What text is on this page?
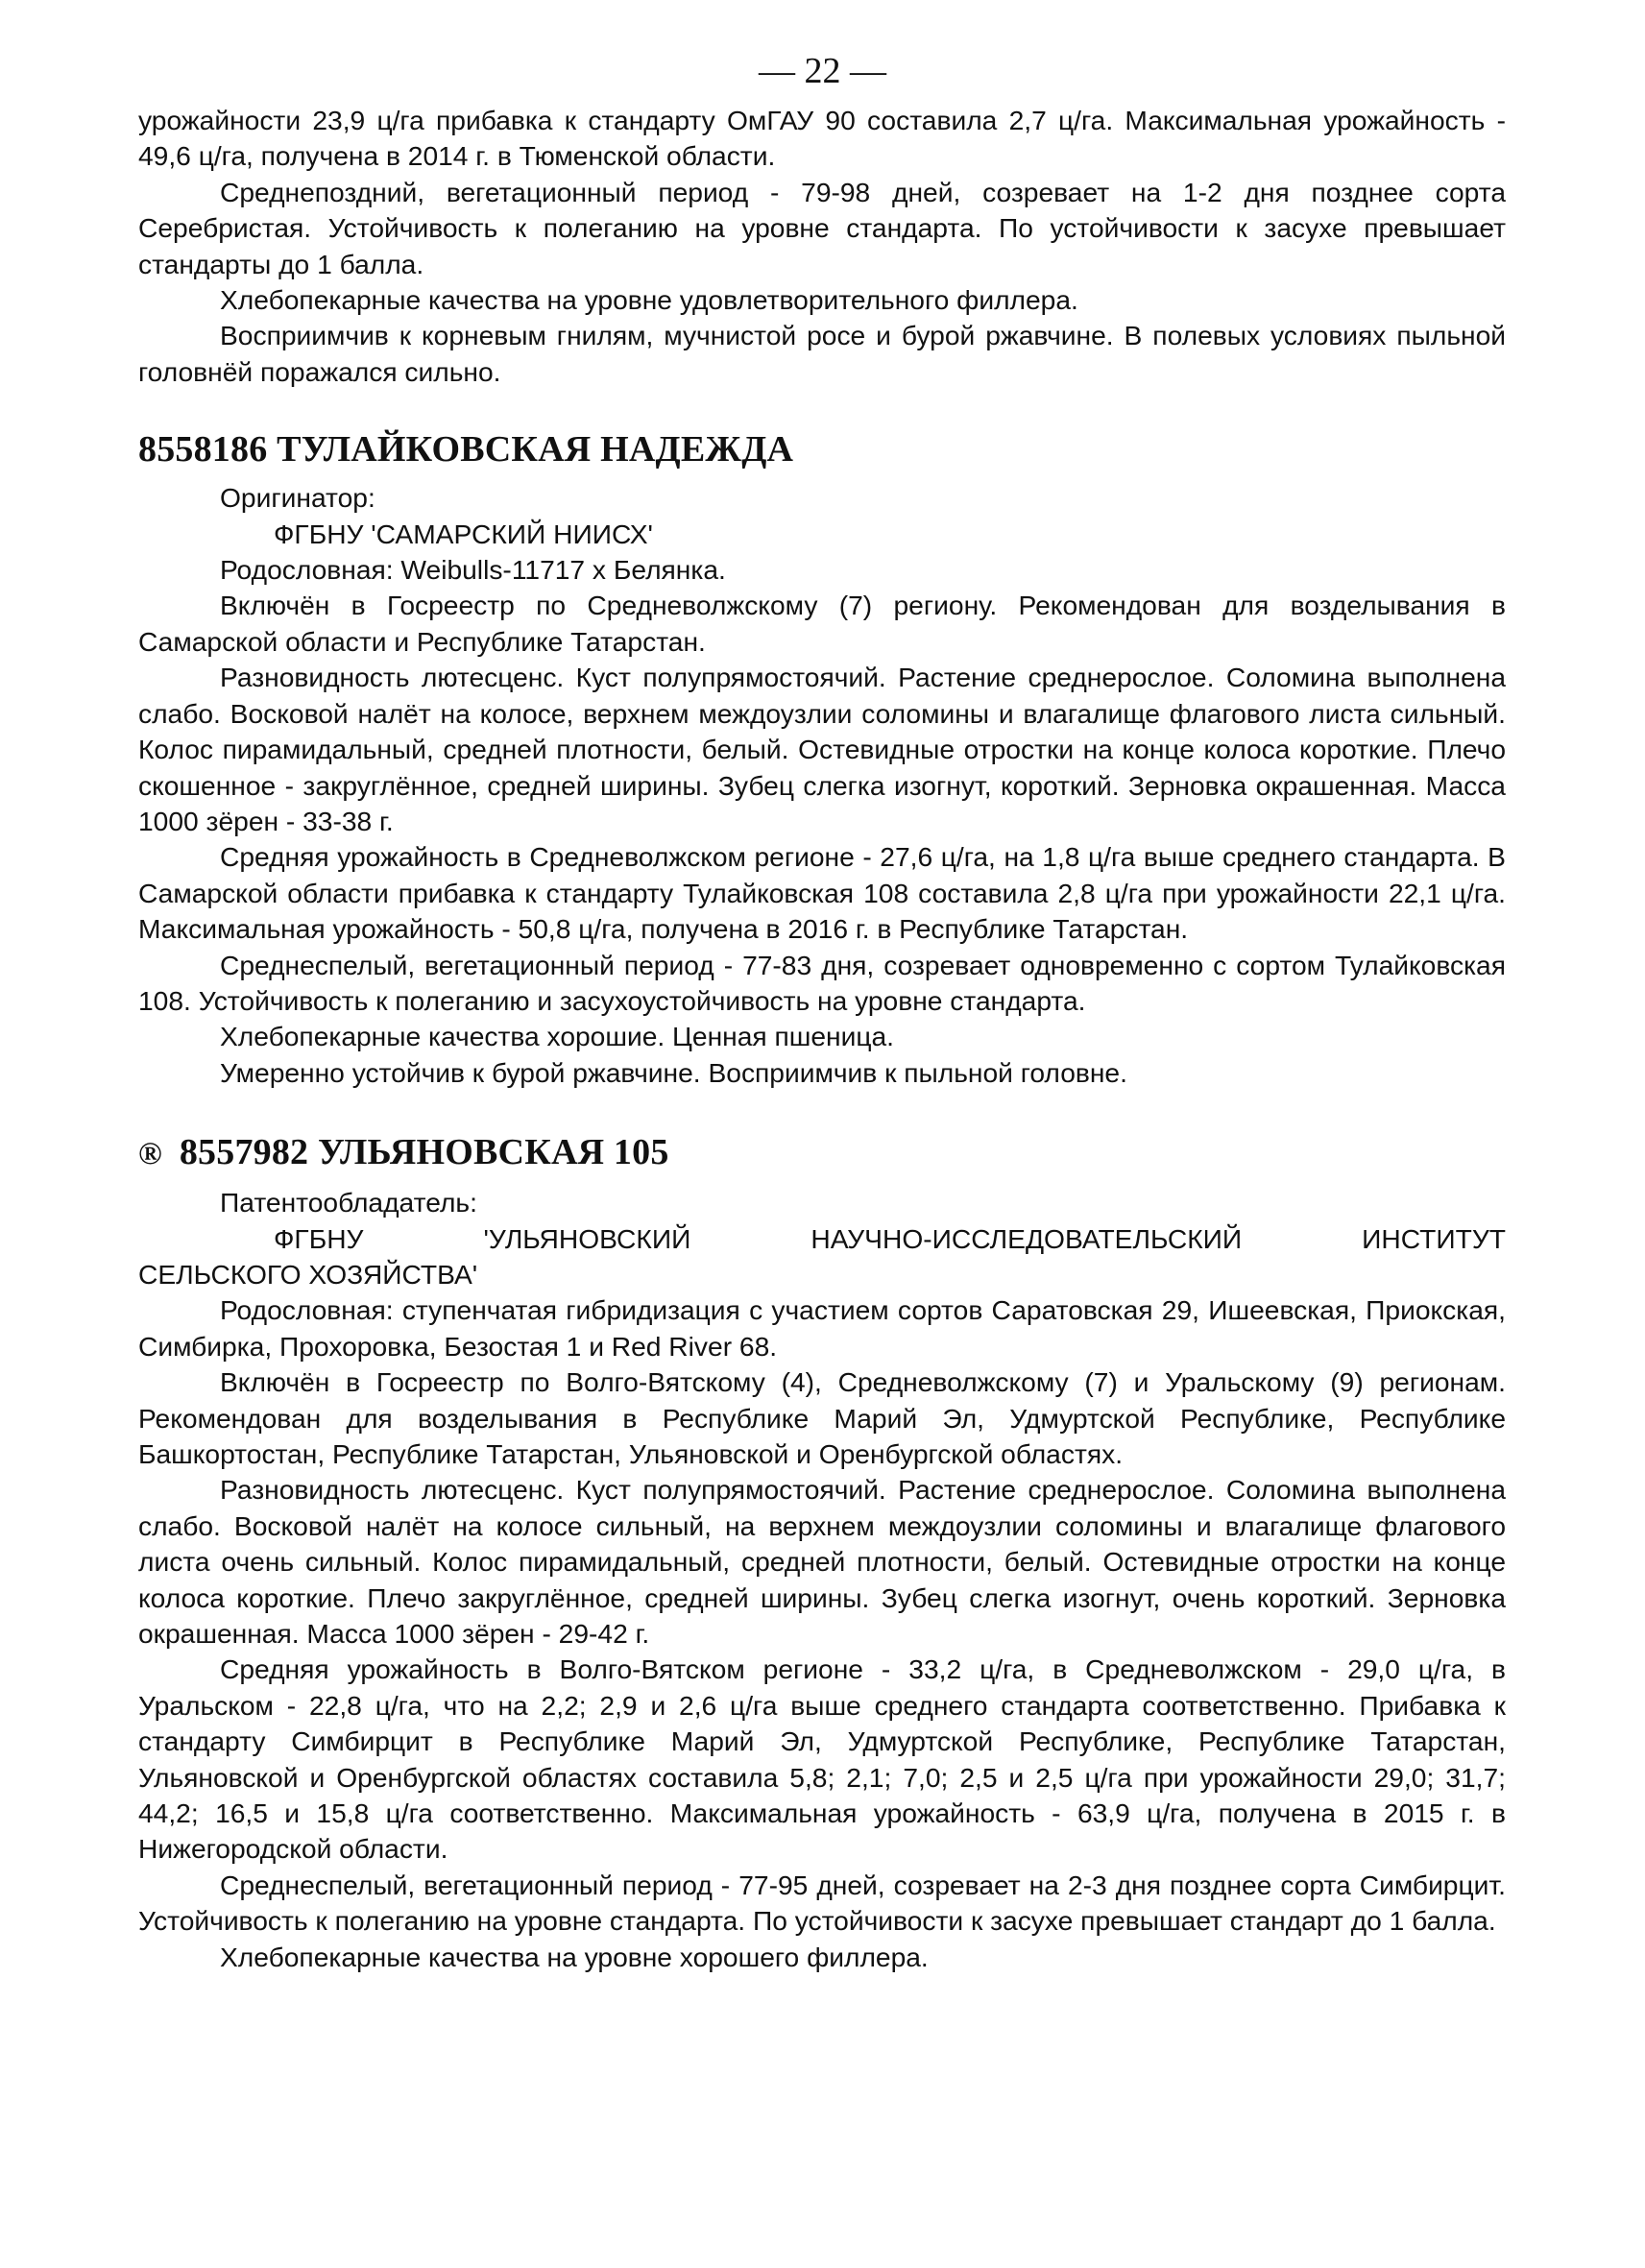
— 22 —

урожайности 23,9 ц/га прибавка к стандарту ОмГАУ 90 составила 2,7 ц/га. Максимальная урожайность - 49,6 ц/га, получена в 2014 г. в Тюменской области.

Среднепоздний, вегетационный период - 79-98 дней, созревает на 1-2 дня позднее сорта Серебристая. Устойчивость к полеганию на уровне стандарта. По устойчивости к засухе превышает стандарты до 1 балла.

Хлебопекарные качества на уровне удовлетворительного филлера.

Восприимчив к корневым гнилям, мучнистой росе и бурой ржавчине. В полевых условиях пыльной головнёй поражался сильно.

8558186 ТУЛАЙКОВСКАЯ НАДЕЖДА

Оригинатор:

ФГБНУ 'САМАРСКИЙ НИИСХ'

Родословная: Weibulls-11717 х Белянка.

Включён в Госреестр по Средневолжскому (7) региону. Рекомендован для возделывания в Самарской области и Республике Татарстан.

Разновидность лютесценс. Куст полупрямостоячий. Растение среднерослое. Соломина выполнена слабо. Восковой налёт на колосе, верхнем междоузлии соломины и влагалище флагового листа сильный. Колос пирамидальный, средней плотности, белый. Остевидные отростки на конце колоса короткие. Плечо скошенное - закруглённое, средней ширины. Зубец слегка изогнут, короткий. Зерновка окрашенная. Масса 1000 зёрен - 33-38 г.

Средняя урожайность в Средневолжском регионе - 27,6 ц/га, на 1,8 ц/га выше среднего стандарта. В Самарской области прибавка к стандарту Тулайковская 108 составила 2,8 ц/га при урожайности 22,1 ц/га. Максимальная урожайность - 50,8 ц/га, получена в 2016 г. в Республике Татарстан.

Среднеспелый, вегетационный период - 77-83 дня, созревает одновременно с сортом Тулайковская 108. Устойчивость к полеганию и засухоустойчивость на уровне стандарта.

Хлебопекарные качества хорошие. Ценная пшеница.

Умеренно устойчив к бурой ржавчине. Восприимчив к пыльной головне.

® 8557982 УЛЬЯНОВСКАЯ 105

Патентообладатель:

ФГБНУ 'УЛЬЯНОВСКИЙ НАУЧНО-ИССЛЕДОВАТЕЛЬСКИЙ ИНСТИТУТ

СЕЛЬСКОГО ХОЗЯЙСТВА'

Родословная: ступенчатая гибридизация с участием сортов Саратовская 29, Ишеевская, Приокская, Симбирка, Прохоровка, Безостая 1 и Red River 68.

Включён в Госреестр по Волго-Вятскому (4), Средневолжскому (7) и Уральскому (9) регионам. Рекомендован для возделывания в Республике Марий Эл, Удмуртской Республике, Республике Башкортостан, Республике Татарстан, Ульяновской и Оренбургской областях.

Разновидность лютесценс. Куст полупрямостоячий. Растение среднерослое. Соломина выполнена слабо. Восковой налёт на колосе сильный, на верхнем междоузлии соломины и влагалище флагового листа очень сильный. Колос пирамидальный, средней плотности, белый. Остевидные отростки на конце колоса короткие. Плечо закруглённое, средней ширины. Зубец слегка изогнут, очень короткий. Зерновка окрашенная. Масса 1000 зёрен - 29-42 г.

Средняя урожайность в Волго-Вятском регионе - 33,2 ц/га, в Средневолжском - 29,0 ц/га, в Уральском - 22,8 ц/га, что на 2,2; 2,9 и 2,6 ц/га выше среднего стандарта соответственно. Прибавка к стандарту Симбирцит в Республике Марий Эл, Удмуртской Республике, Республике Татарстан, Ульяновской и Оренбургской областях составила 5,8; 2,1; 7,0; 2,5 и 2,5 ц/га при урожайности 29,0; 31,7; 44,2; 16,5 и 15,8 ц/га соответственно. Максимальная урожайность - 63,9 ц/га, получена в 2015 г. в Нижегородской области.

Среднеспелый, вегетационный период - 77-95 дней, созревает на 2-3 дня позднее сорта Симбирцит. Устойчивость к полеганию на уровне стандарта. По устойчивости к засухе превышает стандарт до 1 балла.

Хлебопекарные качества на уровне хорошего филлера.
